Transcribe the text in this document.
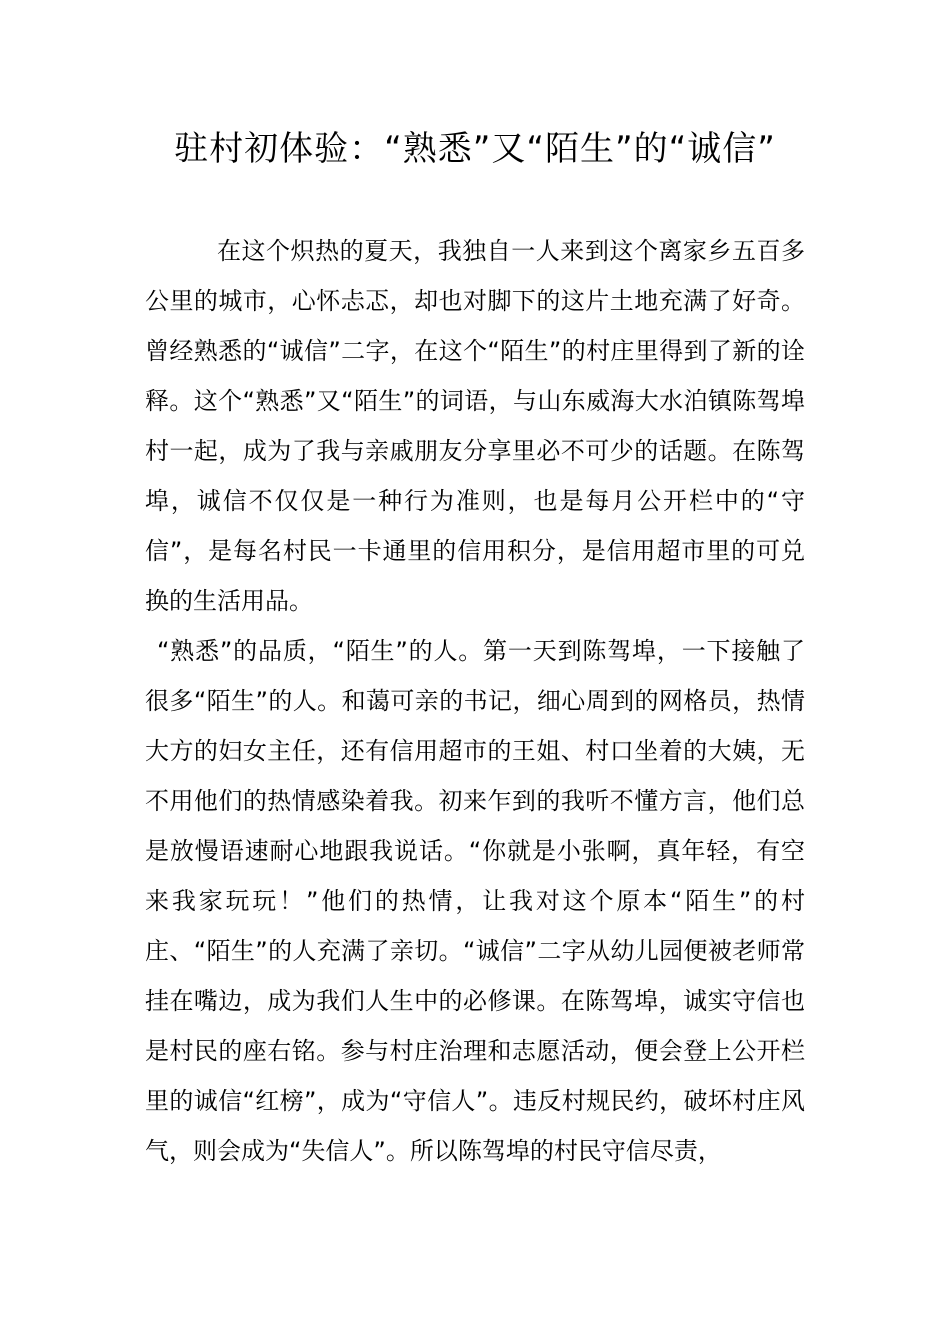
驻村初体验：“熟悉”又“陌生”的“诚信”

在这个炽热的夏天，我独自一人来到这个离家乡五百多公里的城市，心怀忐忑，却也对脚下的这片土地充满了好奇。曾经熟悉的“诚信”二字，在这个“陌生”的村庄里得到了新的诠释。这个“熟悉”又“陌生”的词语，与山东威海大水泊镇陈驾埠村一起，成为了我与亲戚朋友分享里必不可少的话题。在陈驾埠，诚信不仅仅是一种行为准则，也是每月公开栏中的“守信”，是每名村民一卡通里的信用积分，是信用超市里的可兑换的生活用品。

“熟悉”的品质，“陌生”的人。第一天到陈驾埠，一下接触了很多“陌生”的人。和蔼可亲的书记，细心周到的网格员，热情大方的妇女主任，还有信用超市的王姐、村口坐着的大姨，无不用他们的热情感染着我。初来乍到的我听不懂方言，他们总是放慢语速耐心地跟我说话。“你就是小张啊，真年轻，有空来我家玩玩！”他们的热情，让我对这个原本“陌生”的村庄、“陌生”的人充满了亲切。“诚信”二字从幼儿园便被老师常挂在嘴边，成为我们人生中的必修课。在陈驾埠，诚实守信也是村民的座右铭。参与村庄治理和志愿活动，便会登上公开栏里的诚信“红榜”，成为“守信人”。违反村规民约，破坏村庄风气，则会成为“失信人”。所以陈驾埠的村民守信尽责，
